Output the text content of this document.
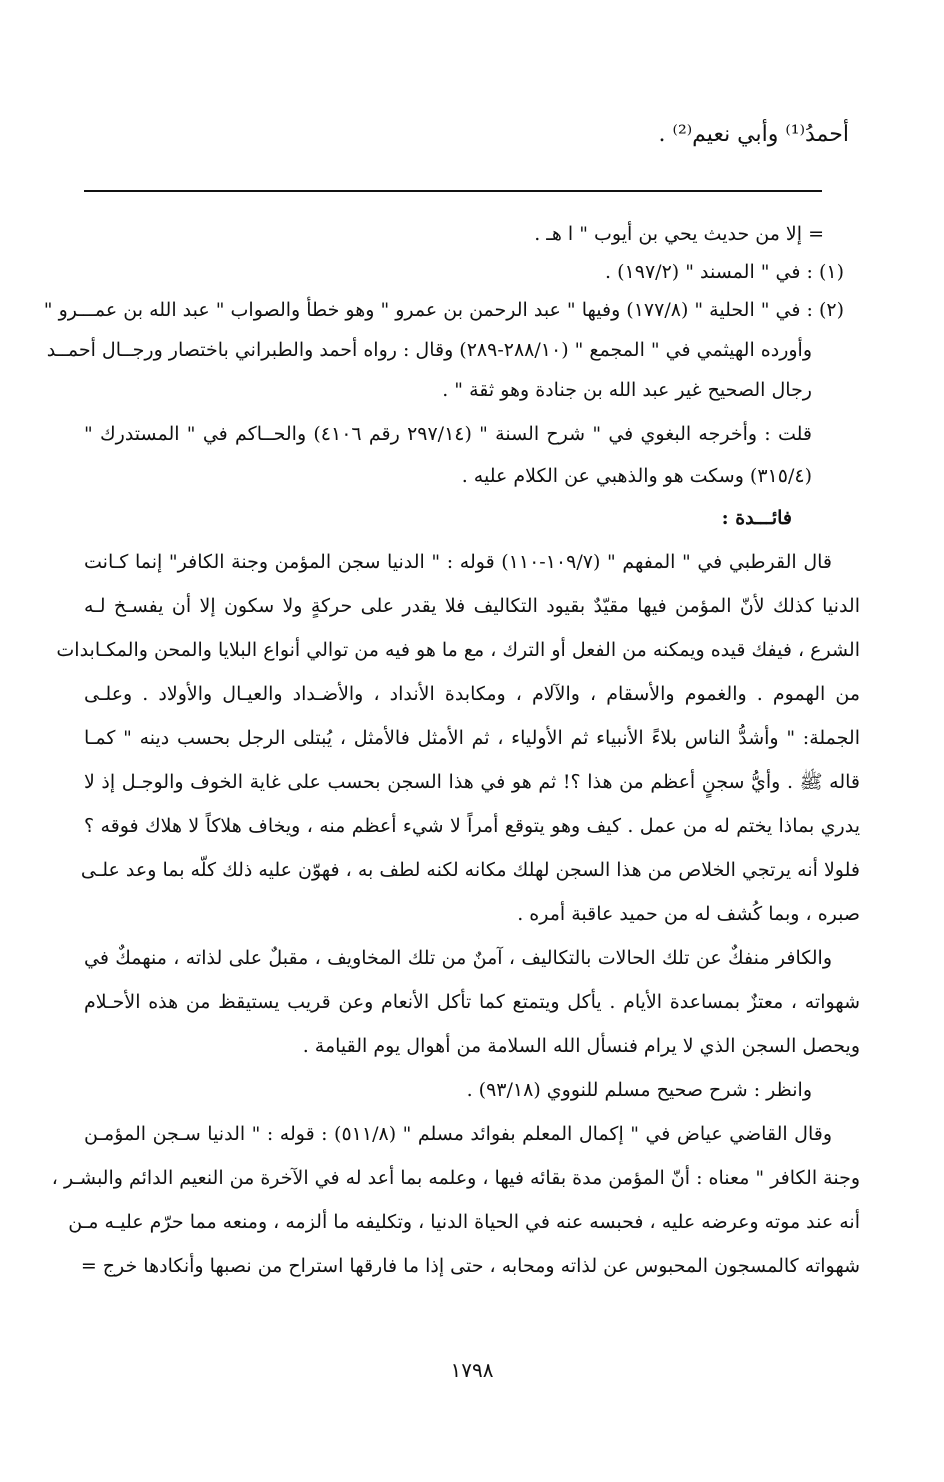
أحمدُ⁽¹⁾ وأبي نعيم⁽²⁾ .
= إلا من حديث يحي بن أيوب " ا هـ .
(١) : في " المسند " (١٩٧/٢) .
(٢) : في " الحلية " (١٧٧/٨) وفيها " عبد الرحمن بن عمرو " وهو خطأ والصواب " عبد الله بن عمـــرو "
وأورده الهيثمي في " المجمع " (٢٨٨/١٠-٢٨٩) وقال : رواه أحمد والطبراني باختصار ورجــال أحمــد
رجال الصحيح غير عبد الله بن جنادة وهو ثقة " .
قلت : وأخرجه البغوي في " شرح السنة " (٢٩٧/١٤ رقم ٤١٠٦) والحــاكم في " المستدرك "
(٣١٥/٤) وسكت هو والذهبي عن الكلام عليه .
فائـــدة :
قال القرطبي في " المفهم " (١٠٩/٧-١١٠) قوله : " الدنيا سجن المؤمن وجنة الكافر" إنما كـانت
الدنيا كذلك لأنّ المؤمن فيها مقيّدٌ بقيود التكاليف فلا يقدر على حركةٍ ولا سكون إلا أن يفسـخ لـه
الشرع ، فيفك قيده ويمكنه من الفعل أو الترك ، مع ما هو فيه من توالي أنواع البلايا والمحن والمكـابدات
من الهموم . والغموم والأسقام ، والآلام ، ومكابدة الأنداد ، والأضـداد والعيـال والأولاد . وعلـى
الجملة: " وأشدُّ الناس بلاءً الأنبياء ثم الأولياء ، ثم الأمثل فالأمثل ، يُبتلى الرجل بحسب دينه " كمـا
قاله ﷺ . وأيُّ سجنٍ أعظم من هذا ؟! ثم هو في هذا السجن بحسب على غاية الخوف والوجـل إذ لا
يدري بماذا يختم له من عمل . كيف وهو يتوقع أمراً لا شيء أعظم منه ، ويخاف هلاكاً لا هلاك فوقه ؟
فلولا أنه يرتجي الخلاص من هذا السجن لهلك مكانه لكنه لطف به ، فهوّن عليه ذلك كلّه بما وعد علـى
صبره ، وبما كُشف له من حميد عاقبة أمره .
والكافر منفكٌ عن تلك الحالات بالتكاليف ، آمنٌ من تلك المخاويف ، مقبلٌ على لذاته ، منهمكٌ في
شهواته ، معتزٌ بمساعدة الأيام . يأكل ويتمتع كما تأكل الأنعام وعن قريب يستيقظ من هذه الأحـلام
ويحصل السجن الذي لا يرام فنسأل الله السلامة من أهوال يوم القيامة .
وانظر : شرح صحيح مسلم للنووي (٩٣/١٨) .
وقال القاضي عياض في " إكمال المعلم بفوائد مسلم " (٥١١/٨) : قوله : " الدنيا سـجن المؤمـن
وجنة الكافر " معناه : أنّ المؤمن مدة بقائه فيها ، وعلمه بما أعد له في الآخرة من النعيم الدائم والبشـر ،
أنه عند موته وعرضه عليه ، فحبسه عنه في الحياة الدنيا ، وتكليفه ما ألزمه ، ومنعه مما حرّم عليـه مـن
شهواته كالمسجون المحبوس عن لذاته ومحابه ، حتى إذا ما فارقها استراح من نصبها وأنكادها خرج =
١٧٩٨
